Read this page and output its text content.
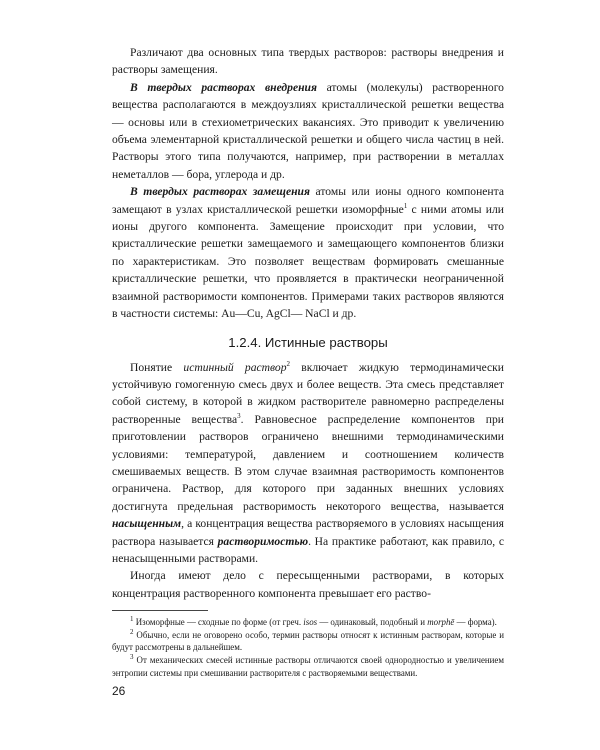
Различают два основных типа твердых растворов: растворы внедрения и растворы замещения.

В твердых растворах внедрения атомы (молекулы) растворенного вещества располагаются в междоузлиях кристаллической решетки вещества — основы или в стехиометрических вакансиях. Это приводит к увеличению объема элементарной кристаллической решетки и общего числа частиц в ней. Растворы этого типа получаются, например, при растворении в металлах неметаллов — бора, углерода и др.

В твердых растворах замещения атомы или ионы одного компонента замещают в узлах кристаллической решетки изоморфные$^1$ с ними атомы или ионы другого компонента. Замещение происходит при условии, что кристаллические решетки замещаемого и замещающего компонентов близки по характеристикам. Это позволяет веществам формировать смешанные кристаллические решетки, что проявляется в практически неограниченной взаимной растворимости компонентов. Примерами таких растворов являются в частности системы: Au—Cu, AgCl— NaCl и др.

1.2.4. Истинные растворы

Понятие истинный раствор$^2$ включает жидкую термодинамически устойчивую гомогенную смесь двух и более веществ. Эта смесь представляет собой систему, в которой в жидком растворителе равномерно распределены растворенные вещества$^3$. Равновесное распределение компонентов при приготовлении растворов ограничено внешними термодинамическими условиями: температурой, давлением и соотношением количеств смешиваемых веществ. В этом случае взаимная растворимость компонентов ограничена. Раствор, для которого при заданных внешних условиях достигнута предельная растворимость некоторого вещества, называется насыщенным, а концентрация вещества растворяемого в условиях насыщения раствора называется растворимостью. На практике работают, как правило, с ненасыщенными растворами.

Иногда имеют дело с пересыщенными растворами, в которых концентрация растворенного компонента превышает его раство-

$^1$ Изоморфные — сходные по форме (от греч. isos — одинаковый, подобный и morphē — форма).

$^2$ Обычно, если не оговорено особо, термин растворы относят к истинным растворам, которые и будут рассмотрены в дальнейшем.

$^3$ От механических смесей истинные растворы отличаются своей однородностью и увеличением энтропии системы при смешивании растворителя с растворяемыми веществами.

26
